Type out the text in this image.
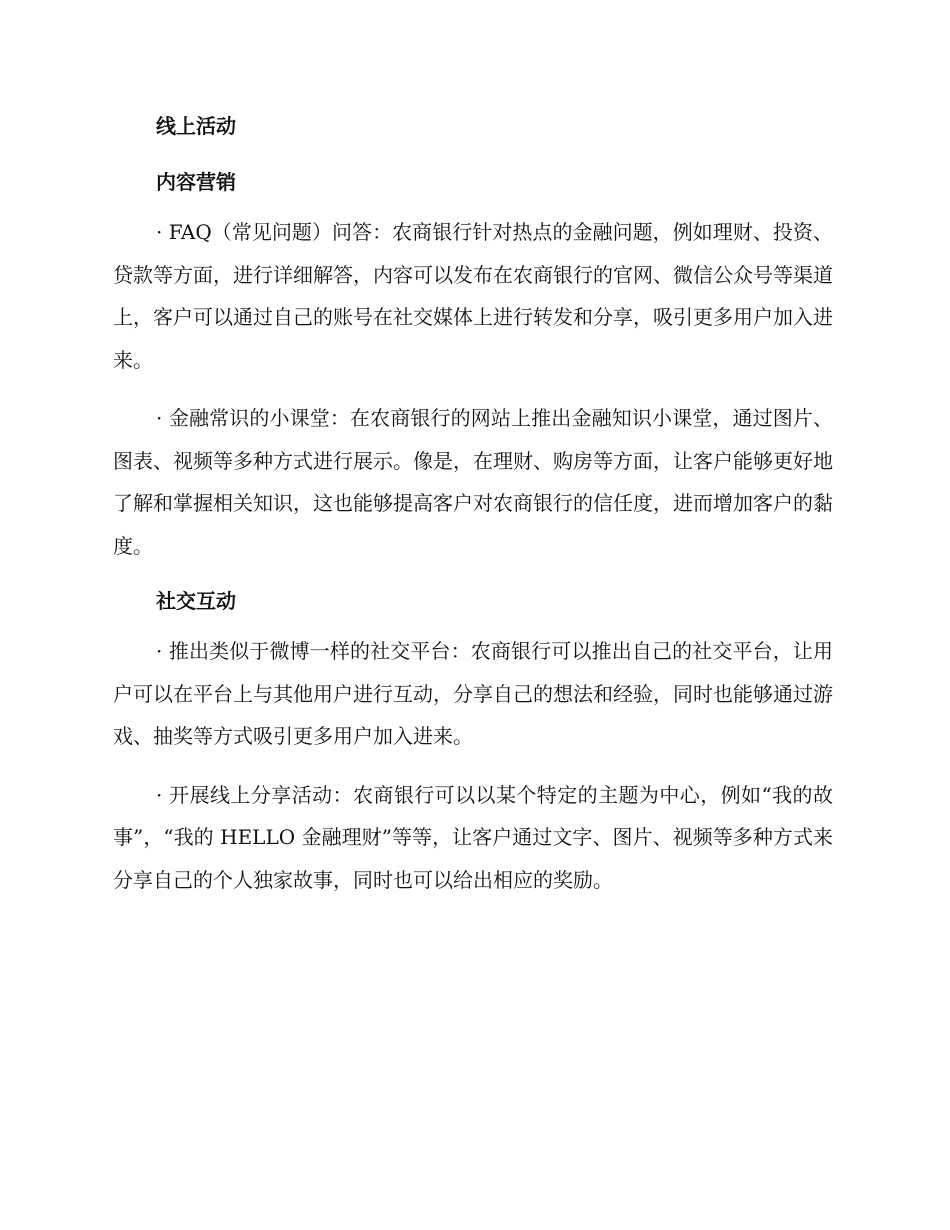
线上活动
内容营销

· FAQ（常见问题）问答：农商银行针对热点的金融问题，例如理财、投资、贷款等方面，进行详细解答，内容可以发布在农商银行的官网、微信公众号等渠道上，客户可以通过自己的账号在社交媒体上进行转发和分享，吸引更多用户加入进来。

· 金融常识的小课堂：在农商银行的网站上推出金融知识小课堂，通过图片、图表、视频等多种方式进行展示。像是，在理财、购房等方面，让客户能够更好地了解和掌握相关知识，这也能够提高客户对农商银行的信任度，进而增加客户的黏度。

社交互动

· 推出类似于微博一样的社交平台：农商银行可以推出自己的社交平台，让用户可以在平台上与其他用户进行互动，分享自己的想法和经验，同时也能够通过游戏、抽奖等方式吸引更多用户加入进来。

· 开展线上分享活动：农商银行可以以某个特定的主题为中心，例如“我的故事”，“我的 HELLO 金融理财”等等，让客户通过文字、图片、视频等多种方式来分享自己的个人独家故事，同时也可以给出相应的奖励。
